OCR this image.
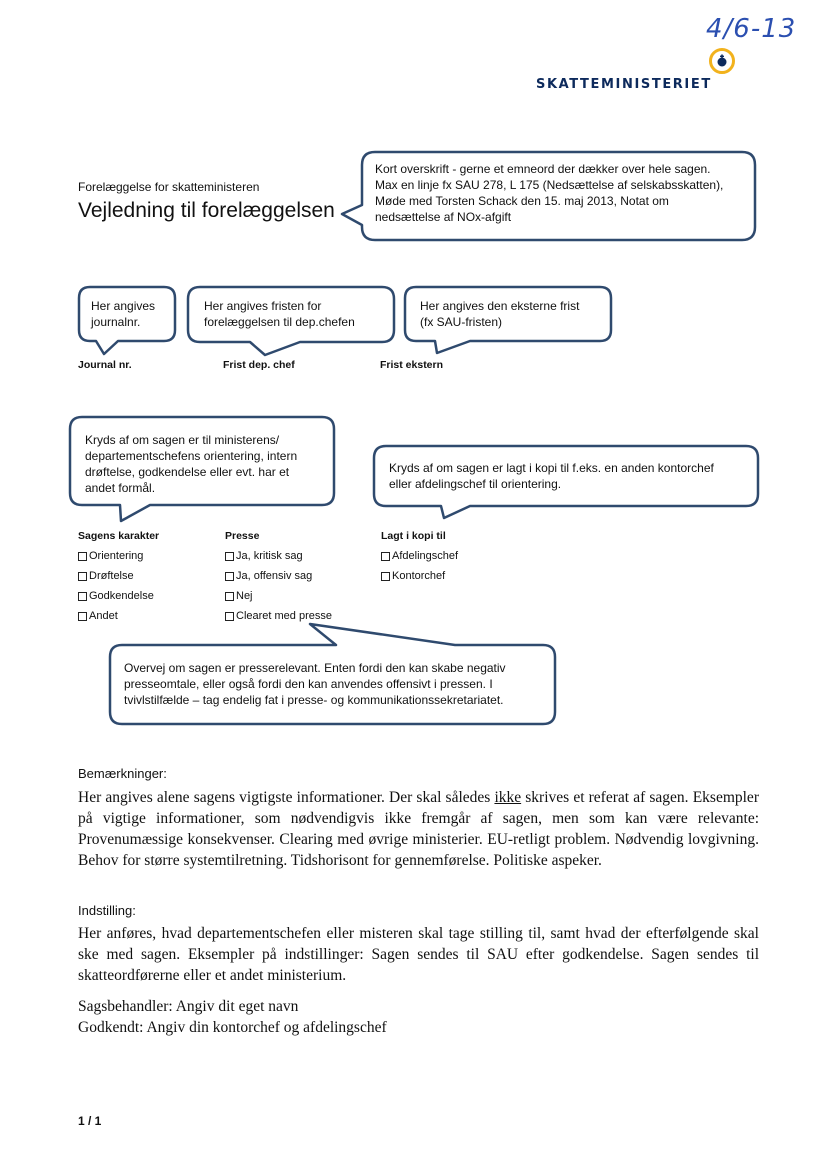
4/6-13
SKATTEMINISTERIET
Forelæggelse for skatteministeren
Vejledning til forelæggelsen
Kort overskrift - gerne et emneord der dækker over hele sagen.
Max en linje fx SAU 278, L 175 (Nedsættelse af selskabsskatten),
Møde med Torsten Schack den 15. maj 2013, Notat om
nedsættelse af NOx-afgift
Her angives
journalnr.
Her angives fristen for
forelæggelsen til dep.chefen
Her angives den eksterne frist
(fx SAU-fristen)
Journal nr.	Frist dep. chef	Frist ekstern
Kryds af om sagen er til ministerens/
departementschefens orientering, intern
drøftelse, godkendelse eller evt. har et
andet formål.
Kryds af om sagen er lagt i kopi til f.eks. en anden kontorchef
eller afdelingschef til orientering.
Sagens karakter
Orientering
Drøftelse
Godkendelse
Andet
Presse
Ja, kritisk sag
Ja, offensiv sag
Nej
Clearet med presse
Lagt i kopi til
Afdelingschef
Kontorchef
Overvej om sagen er presserelevant. Enten fordi den kan skabe negativ
presseomtale, eller også fordi den kan anvendes offensivt i pressen. I
tvivlstilfælde – tag endelig fat i presse- og kommunikationssekretariatet.
Bemærkninger:
Her angives alene sagens vigtigste informationer. Der skal således ikke skrives et referat af sagen. Eksempler på vigtige informationer, som nødvendigvis ikke fremgår af sagen, men som kan være relevante: Provenumæssige konsekvenser. Clearing med øvrige ministerier. EU-retligt problem. Nødvendig lovgivning. Behov for større systemtilretning. Tidshorisont for gennemførelse. Politiske aspeker.
Indstilling:
Her anføres, hvad departementschefen eller misteren skal tage stilling til, samt hvad der efterfølgende skal ske med sagen. Eksempler på indstillinger: Sagen sendes til SAU efter godkendelse. Sagen sendes til skatteordførerne eller et andet ministerium.
Sagsbehandler: Angiv dit eget navn
Godkendt: Angiv din kontorchef og afdelingschef
1 / 1
